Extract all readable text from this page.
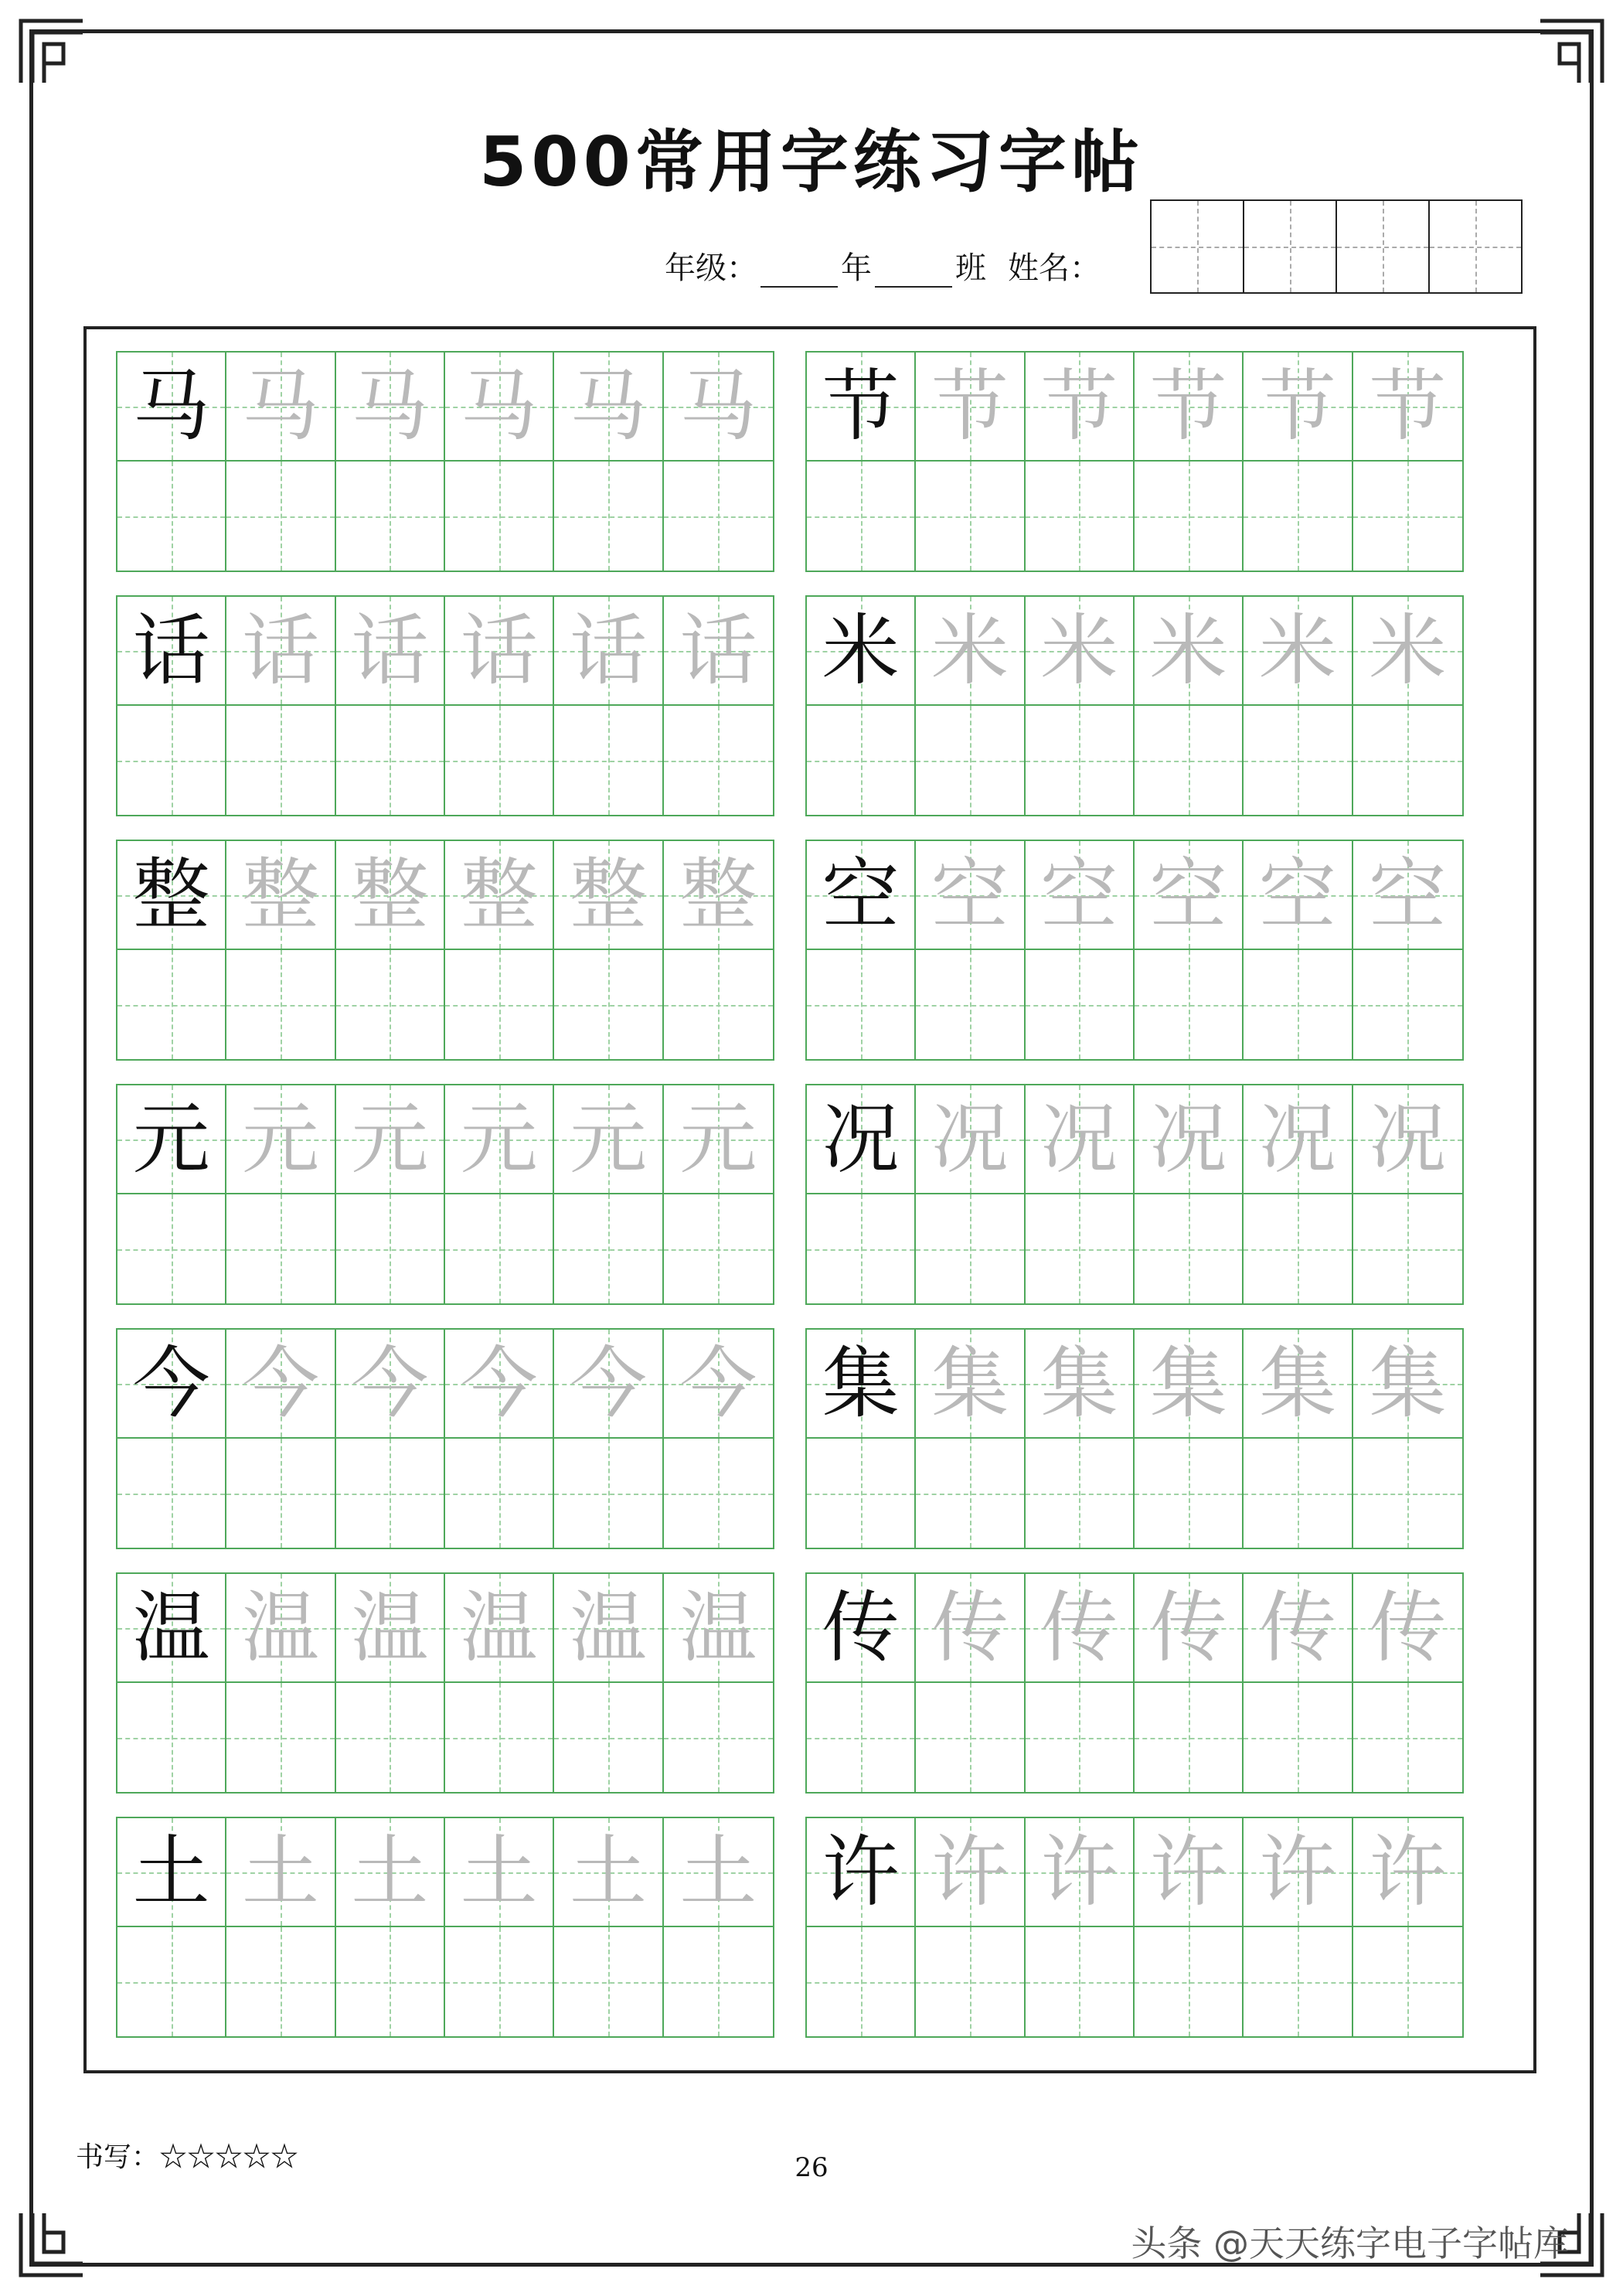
500常用字练习字帖
年级：	年	班 姓名：
马 马 马 马 马 马 节 节 节 节 节 节
话 话 话 话 话 话 米 米 米 米 米 米
整 整 整 整 整 整 空 空 空 空 空 空
元 元 元 元 元 元 况 况 况 况 况 况
今 今 今 今 今 今 集 集 集 集 集 集
温 温 温 温 温 温 传 传 传 传 传 传
土 土 土 土 土 土 许 许 许 许 许 许
书写：☆☆☆☆☆	26
头条 @天天练字电子字帖库
